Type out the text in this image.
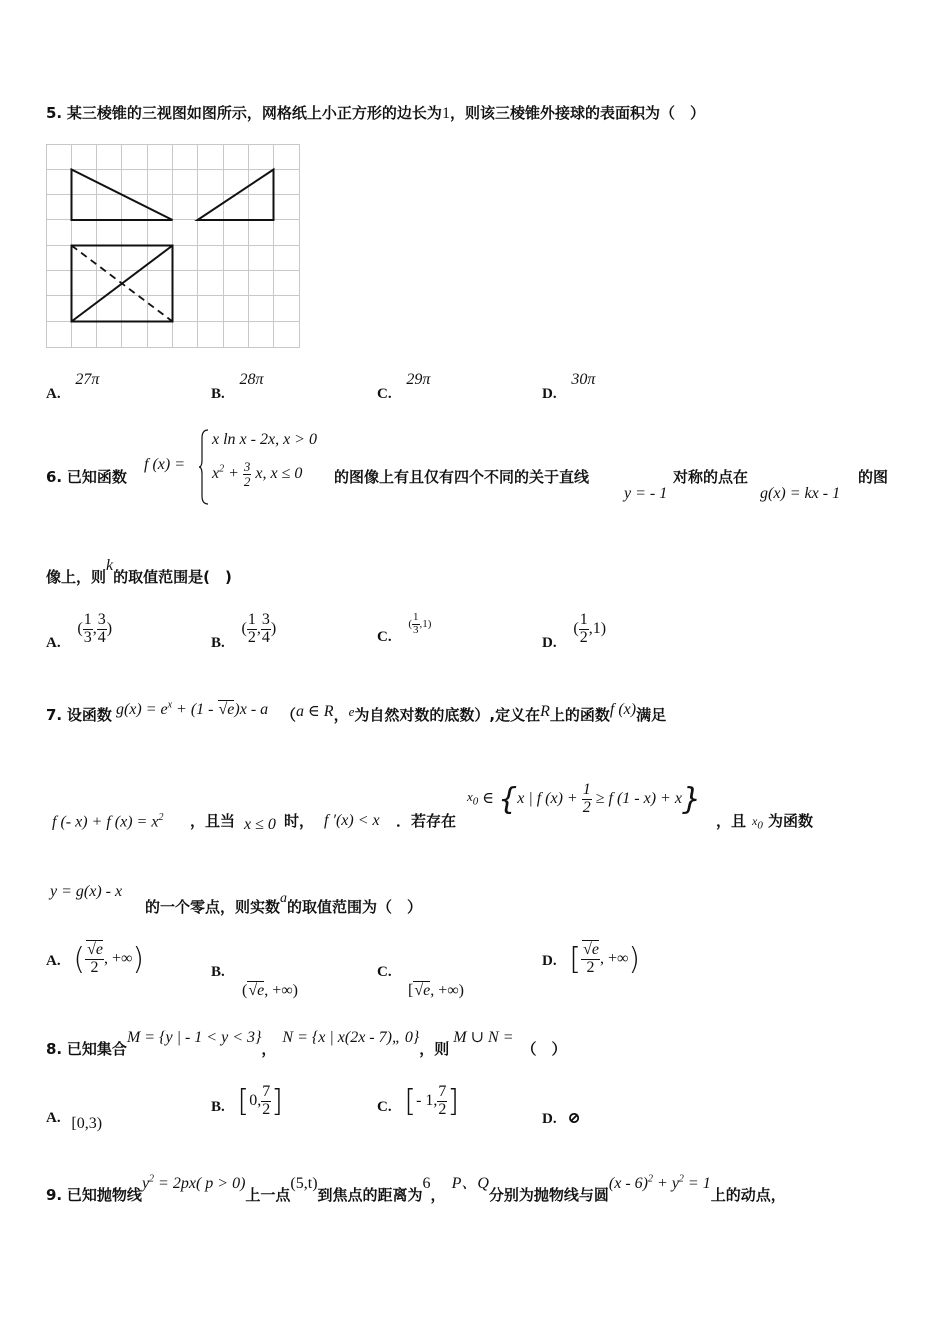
5. 某三棱锥的三视图如图所示，网格纸上小正方形的边长为1，则该三棱锥外接球的表面积为（　）
A. 27π
B. 28π
C. 29π
D. 30π
6. 已知函数
f (x) =
x ln x - 2x, x > 0
$x^2 + \frac{3}{2} x$, x ≤ 0 的图像上有且仅有四个不同的关于直线
y = - 1
对称的点在
g(x) = kx - 1
的图
像上，则k的取值范围是(　)
A. ( $\frac{1}{3}$ , $\frac{3}{4}$ )
B. ( $\frac{1}{2}$ , $\frac{3}{4}$ )	C. ( $\frac{1}{3} ,1$)
D. ( $\frac{1}{2} ,1$)
7. 设函数 $g(x) = e^x + (1 - √e)x - a$ （a ∈ R，e为自然对数的底数）,定义在R上的函数f (x)满足
f (- x) + f $(x) = x^2$ ，且当 x ≤ 0 时， f ′(x) < x ．若存在
$x_0$ ∈ {x | f $(x) + \frac{1}{2} \ge f$ (1 - x) + x}
，且 $x_0$ 为函数
y = g(x) - x
的一个零点，则实数a的取值范围为（　）
A. ( $\frac{√e}{2}$ , +∞)	B.
(√e, +∞)
C.
[√e, +∞)
D. [ $\frac{√e}{2}$ , +∞)
8. 已知集合M = {y | - 1 < y < 3}，N = {x | x(2x - 7)„ 0}，则M ∪ N =（　）
A. [0,3)
B. [0, $\frac{7}{2}$ ]	C. [- 1, $\frac{7}{2}$ ]	D. ⊘
9. 已知抛物线$y^2 = 2px$( p > 0)上一点(5,t)到焦点的距离为6，P、Q分别为抛物线与圆$(x - 6)^2 + y^2 = 1$上的动点，
